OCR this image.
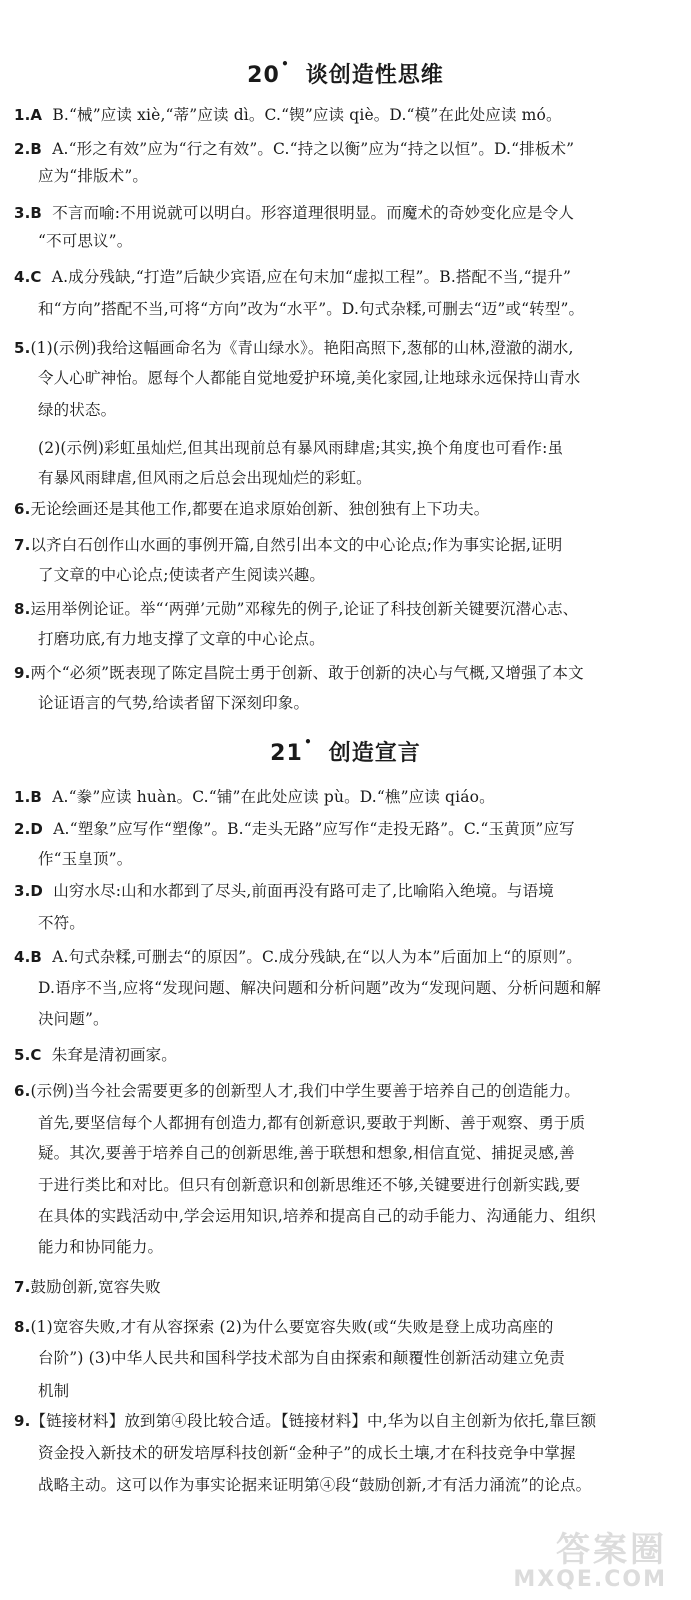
20 • 谈创造性思维
1.A B.“械”应读 xiè,“蒂”应读 dì。C.“锲”应读 qiè。D.“模”在此处应读 mó。
2.B A.“形之有效”应为“行之有效”。C.“持之以衡”应为“持之以恒”。D.“排板术”
应为“排版术”。
3.B 不言而喻:不用说就可以明白。形容道理很明显。而魔术的奇妙变化应是令人
“不可思议”。
4.C A.成分残缺,“打造”后缺少宾语,应在句末加“虚拟工程”。B.搭配不当,“提升”
和“方向”搭配不当,可将“方向”改为“水平”。D.句式杂糅,可删去“迈”或“转型”。
5.(1)(示例)我给这幅画命名为《青山绿水》。艳阳高照下,葱郁的山林,澄澈的湖水,
令人心旷神怡。愿每个人都能自觉地爱护环境,美化家园,让地球永远保持山青水
绿的状态。
(2)(示例)彩虹虽灿烂,但其出现前总有暴风雨肆虐;其实,换个角度也可看作:虽
有暴风雨肆虐,但风雨之后总会出现灿烂的彩虹。
6.无论绘画还是其他工作,都要在追求原始创新、独创独有上下功夫。
7.以齐白石创作山水画的事例开篇,自然引出本文的中心论点;作为事实论据,证明
了文章的中心论点;使读者产生阅读兴趣。
8.运用举例论证。举“‘两弹’元勋”邓稼先的例子,论证了科技创新关键要沉潜心志、
打磨功底,有力地支撑了文章的中心论点。
9.两个“必须”既表现了陈定昌院士勇于创新、敢于创新的决心与气概,又增强了本文
论证语言的气势,给读者留下深刻印象。
21 • 创造宣言
1.B A.“豢”应读 huàn。C.“铺”在此处应读 pù。D.“樵”应读 qiáo。
2.D A.“塑象”应写作“塑像”。B.“走头无路”应写作“走投无路”。C.“玉黄顶”应写
作“玉皇顶”。
3.D 山穷水尽:山和水都到了尽头,前面再没有路可走了,比喻陷入绝境。与语境
不符。
4.B A.句式杂糅,可删去“的原因”。C.成分残缺,在“以人为本”后面加上“的原则”。
D.语序不当,应将“发现问题、解决问题和分析问题”改为“发现问题、分析问题和解
决问题”。
5.C 朱耷是清初画家。
6.(示例)当今社会需要更多的创新型人才,我们中学生要善于培养自己的创造能力。
首先,要坚信每个人都拥有创造力,都有创新意识,要敢于判断、善于观察、勇于质
疑。其次,要善于培养自己的创新思维,善于联想和想象,相信直觉、捕捉灵感,善
于进行类比和对比。但只有创新意识和创新思维还不够,关键要进行创新实践,要
在具体的实践活动中,学会运用知识,培养和提高自己的动手能力、沟通能力、组织
能力和协同能力。
7.鼓励创新,宽容失败
8.(1)宽容失败,才有从容探索 (2)为什么要宽容失败(或“失败是登上成功高座的
台阶”) (3)中华人民共和国科学技术部为自由探索和颠覆性创新活动建立免责
机制
9.【链接材料】放到第④段比较合适。【链接材料】中,华为以自主创新为依托,靠巨额
资金投入新技术的研发培厚科技创新“金种子”的成长土壤,才在科技竞争中掌握
战略主动。这可以作为事实论据来证明第④段“鼓励创新,才有活力涌流”的论点。
答案圈
MXQE.COM
